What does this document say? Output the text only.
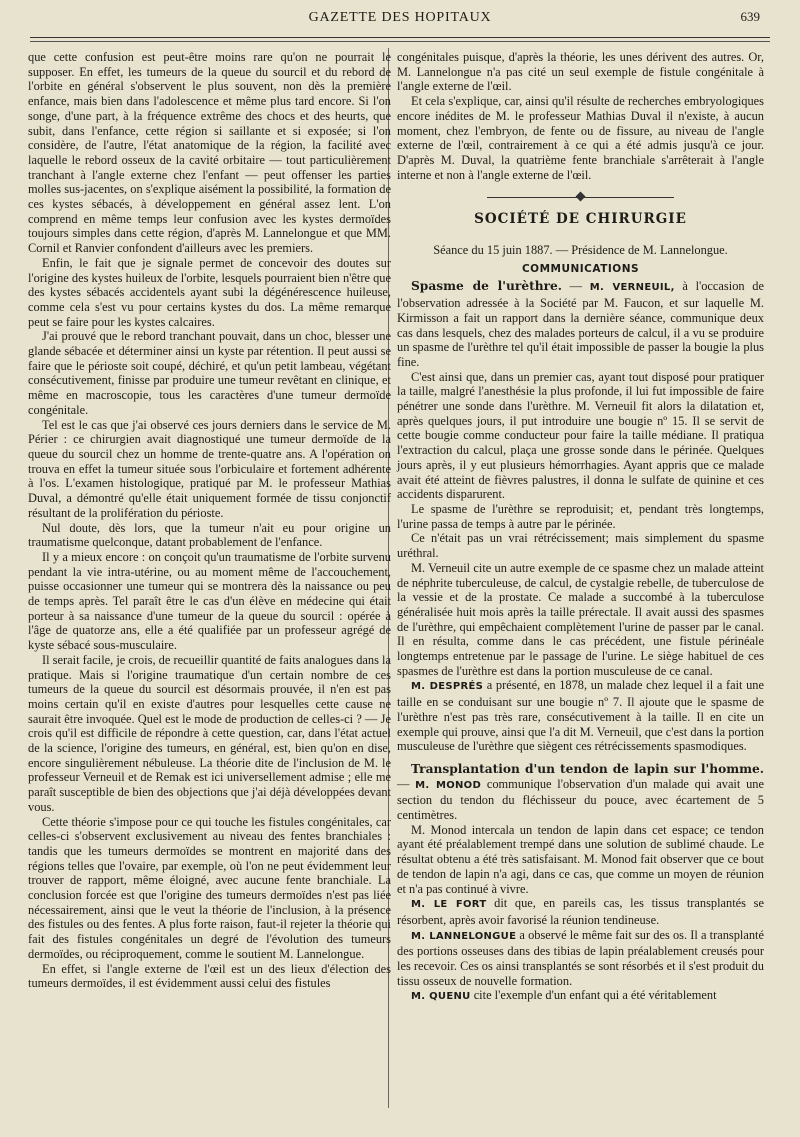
GAZETTE DES HOPITAUX	639

que cette confusion est peut-être moins rare qu'on ne pourrait le supposer. En effet, les tumeurs de la queue du sourcil et du rebord de l'orbite en général s'observent le plus souvent, non dès la première enfance, mais bien dans l'adolescence et même plus tard encore. Si l'on songe, d'une part, à la fréquence extrême des chocs et des heurts, que subit, dans l'enfance, cette région si saillante et si exposée; si l'on considère, de l'autre, l'état anatomique de la région, la facilité avec laquelle le rebord osseux de la cavité orbitaire — tout particulièrement tranchant à l'angle externe chez l'enfant — peut offenser les parties molles sus-jacentes, on s'explique aisément la possibilité, la formation de ces kystes sébacés, à développement en général assez lent. L'on comprend en même temps leur confusion avec les kystes dermoïdes toujours simples dans cette région, d'après M. Lannelongue et que MM. Cornil et Ranvier confondent d'ailleurs avec les premiers.

Enfin, le fait que je signale permet de concevoir des doutes sur l'origine des kystes huileux de l'orbite, lesquels pourraient bien n'être que des kystes sébacés accidentels ayant subi la dégénérescence huileuse, comme cela s'est vu pour certains kystes du dos. La même remarque peut se faire pour les kystes calcaires.

J'ai prouvé que le rebord tranchant pouvait, dans un choc, blesser une glande sébacée et déterminer ainsi un kyste par rétention. Il peut aussi se faire que le périoste soit coupé, déchiré, et qu'un petit lambeau, végétant consécutivement, finisse par produire une tumeur revêtant en clinique, et même en macroscopie, tous les caractères d'une tumeur dermoïde congénitale.

Tel est le cas que j'ai observé ces jours derniers dans le service de M. Périer : ce chirurgien avait diagnostiqué une tumeur dermoïde de la queue du sourcil chez un homme de trente-quatre ans. A l'opération on trouva en effet la tumeur située sous l'orbiculaire et fortement adhérente à l'os. L'examen histologique, pratiqué par M. le professeur Mathias Duval, a démontré qu'elle était uniquement formée de tissu conjonctif résultant de la prolifération du périoste.

Nul doute, dès lors, que la tumeur n'ait eu pour origine un traumatisme quelconque, datant probablement de l'enfance.

Il y a mieux encore : on conçoit qu'un traumatisme de l'orbite survenu pendant la vie intra-utérine, ou au moment même de l'accouchement, puisse occasionner une tumeur qui se montrera dès la naissance ou peu de temps après. Tel paraît être le cas d'un élève en médecine qui était porteur à sa naissance d'une tumeur de la queue du sourcil : opérée à l'âge de quatorze ans, elle a été qualifiée par un professeur agrégé de kyste sébacé sous-musculaire.

Il serait facile, je crois, de recueillir quantité de faits analogues dans la pratique. Mais si l'origine traumatique d'un certain nombre de ces tumeurs de la queue du sourcil est désormais prouvée, il n'en est pas moins certain qu'il en existe d'autres pour lesquelles cette cause ne saurait être invoquée. Quel est le mode de production de celles-ci ? — Je crois qu'il est difficile de répondre à cette question, car, dans l'état actuel de la science, l'origine des tumeurs, en général, est, bien qu'on en dise, encore singulièrement nébuleuse. La théorie dite de l'inclusion de M. le professeur Verneuil et de Remak est ici universellement admise ; elle me paraît susceptible de bien des objections que j'ai déjà développées devant vous.

Cette théorie s'impose pour ce qui touche les fistules congénitales, car celles-ci s'observent exclusivement au niveau des fentes branchiales : tandis que les tumeurs dermoïdes se montrent en majorité dans des régions telles que l'ovaire, par exemple, où l'on ne peut évidemment leur trouver de rapport, même éloigné, avec aucune fente branchiale. La conclusion forcée est que l'origine des tumeurs dermoïdes n'est pas liée nécessairement, ainsi que le veut la théorie de l'inclusion, à la présence des fistules ou des fentes. A plus forte raison, faut-il rejeter la théorie qui fait des fistules congénitales un degré de l'évolution des tumeurs dermoïdes, ou réciproquement, comme le soutient M. Lannelongue.

En effet, si l'angle externe de l'œil est un des lieux d'élection des tumeurs dermoïdes, il est évidemment aussi celui des fistules

congénitales puisque, d'après la théorie, les unes dérivent des autres. Or, M. Lannelongue n'a pas cité un seul exemple de fistule congénitale à l'angle externe de l'œil.

Et cela s'explique, car, ainsi qu'il résulte de recherches embryologiques encore inédites de M. le professeur Mathias Duval il n'existe, à aucun moment, chez l'embryon, de fente ou de fissure, au niveau de l'angle externe de l'œil, contrairement à ce qui a été admis jusqu'à ce jour. D'après M. Duval, la quatrième fente branchiale s'arrêterait à l'angle interne et non à l'angle externe de l'œil.

SOCIÉTÉ DE CHIRURGIE

Séance du 15 juin 1887. — Présidence de M. Lannelongue.

COMMUNICATIONS

Spasme de l'urèthre. — M. VERNEUIL, à l'occasion de l'observation adressée à la Société par M. Faucon, et sur laquelle M. Kirmisson a fait un rapport dans la dernière séance, communique deux cas dans lesquels, chez des malades porteurs de calcul, il a vu se produire un spasme de l'urèthre tel qu'il était impossible de passer la bougie la plus fine.

C'est ainsi que, dans un premier cas, ayant tout disposé pour pratiquer la taille, malgré l'anesthésie la plus profonde, il lui fut impossible de faire pénétrer une sonde dans l'urèthre. M. Verneuil fit alors la dilatation et, après quelques jours, il put introduire une bougie nº 15. Il se servit de cette bougie comme conducteur pour faire la taille médiane. Il pratiqua l'extraction du calcul, plaça une grosse sonde dans le périnée. Quelques jours après, il y eut plusieurs hémorrhagies. Ayant appris que ce malade avait été atteint de fièvres palustres, il donna le sulfate de quinine et ces accidents disparurent.

Le spasme de l'urèthre se reproduisit; et, pendant très longtemps, l'urine passa de temps à autre par le périnée.

Ce n'était pas un vrai rétrécissement; mais simplement du spasme uréthral.

M. Verneuil cite un autre exemple de ce spasme chez un malade atteint de néphrite tuberculeuse, de calcul, de cystalgie rebelle, de tuberculose de la vessie et de la prostate. Ce malade a succombé à la tuberculose généralisée huit mois après la taille prérectale. Il avait aussi des spasmes de l'urèthre, qui empêchaient complètement l'urine de passer par le canal. Il en résulta, comme dans le cas précédent, une fistule périnéale longtemps entretenue par le passage de l'urine. Le siège habituel de ces spasmes de l'urèthre est dans la portion musculeuse de ce canal.

M. DESPRÉS a présenté, en 1878, un malade chez lequel il a fait une taille en se conduisant sur une bougie nº 7. Il ajoute que le spasme de l'urèthre n'est pas très rare, consécutivement à la taille. Il en cite un exemple qui prouve, ainsi que l'a dit M. Verneuil, que c'est dans la portion musculeuse de l'urèthre que siègent ces rétrécissements spasmodiques.

Transplantation d'un tendon de lapin sur l'homme. — M. MONOD communique l'observation d'un malade qui avait une section du tendon du fléchisseur du pouce, avec écartement de 5 centimètres.

M. Monod intercala un tendon de lapin dans cet espace; ce tendon ayant été préalablement trempé dans une solution de sublimé chaude. Le résultat obtenu a été très satisfaisant. M. Monod fait observer que ce bout de tendon de lapin n'a agi, dans ce cas, que comme un moyen de réunion et n'a pas continué à vivre.

M. LE FORT dit que, en pareils cas, les tissus transplantés se résorbent, après avoir favorisé la réunion tendineuse.

M. LANNELONGUE a observé le même fait sur des os. Il a transplanté des portions osseuses dans des tibias de lapin préalablement creusés pour les recevoir. Ces os ainsi transplantés se sont résorbés et il s'est produit du tissu osseux de nouvelle formation.

M. QUENU cite l'exemple d'un enfant qui a été véritablement
